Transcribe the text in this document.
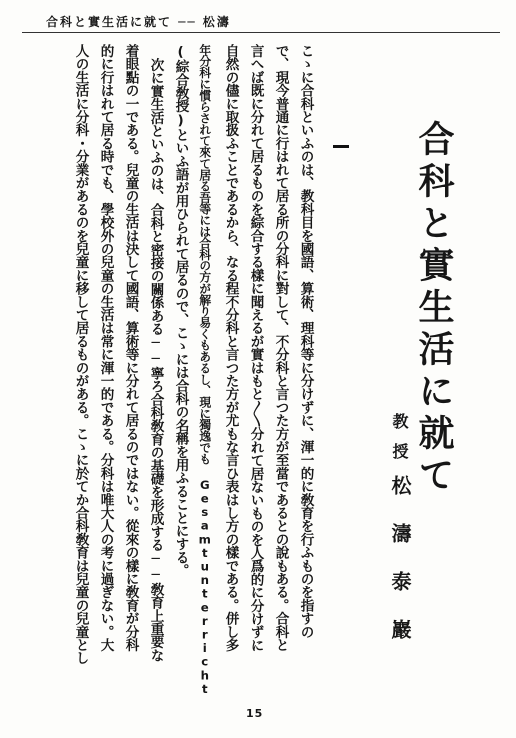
合科と實生活に就て ── 松濤
合科と實生活に就て
教授
松濤泰巖
こゝに合科といふのは、教科目を國語、算術、理科等に分けずに、渾一的に敎育を行ふものを指すの
で、現今普通に行はれて居る所の分科に對して、不分科と言つた方が至當であるとの說もある。合科と
言へば既に分れて居るものを綜合する樣に聞えるが實はもと〳〵分れて居ないものを人爲的に分けずに
自然の儘に取扱ふことであるから、なる程不分科と言つた方が尤もな言ひ表はし方の樣である。併し多
年分科に慣らされて來て居る吾等には合科の方が解り易くもあるし、現に獨逸でも Gesamtunterricht
(綜合敎授)といふ語が用ひられて居るので、こゝには合科の名稱を用ふることにする。
次に實生活といふのは、合科と密接の關係ある──寧ろ合科敎育の基礎を形成する──敎育上重要な
着眼點の一である。兒童の生活は決して國語、算術等に分れて居るのではない。從來の樣に敎育が分科
的に行はれて居る時でも、學校外の兒童の生活は常に渾一的である。分科は唯大人の考に過ぎない。大
人の生活に分科・分業があるのを兒童に移して居るものがある。こゝに於てか合科敎育は兒童の兒童とし
15
